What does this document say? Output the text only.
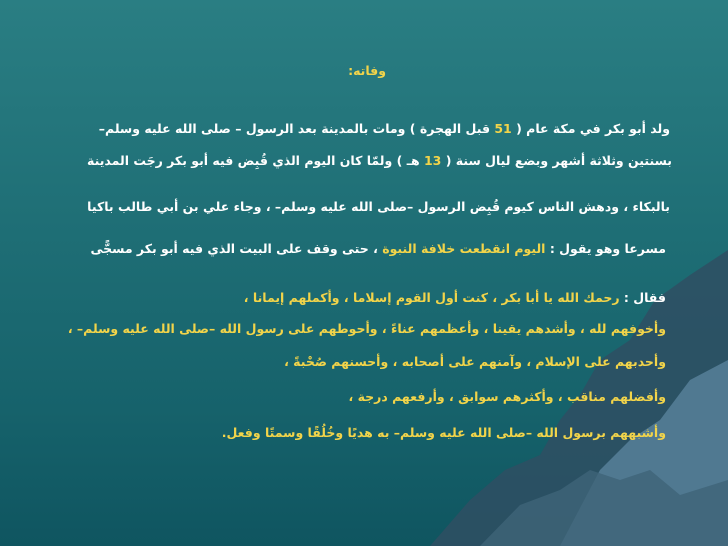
وفاته:
ولد أبو بكر في مكة عام ( 51 قبل الهجرة ) ومات بالمدينة بعد الرسول – صلى الله عليه وسلم–
بسنتين وثلاثة أشهر وبضع ليال سنة ( 13 هـ ) ولمّا كان اليوم الذي قُبِض فيه أبو بكر رجَت المدينة
بالبكاء ، ودهش الناس كيوم قُبِض الرسول –صلى الله عليه وسلم– ، وجاء علي بن أبي طالب باكيا
مسرعا وهو يقول : اليوم انقطعت خلافة النبوة ، حتى وقف على البيت الذي فيه أبو بكر مسجًّى
فقال : رحمك الله يا أبا بكر ، كنت أول القوم إسلاما ، وأكملهم إيمانا ،
وأخوفهم لله ، وأشدهم يقينا ، وأعظمهم عناءً ، وأحوطهم على رسول الله –صلى الله عليه وسلم– ،
وأحدبهم على الإسلام ، وآمنهم على أصحابه ، وأحسنهم صُحْبةً ،
وأفضلهم مناقب ، وأكثرهم سوابق ، وأرفعهم درجة ،
وأشبههم برسول الله –صلى الله عليه وسلم– به هديًا وخُلُقًا وسمتًا وفعل.
